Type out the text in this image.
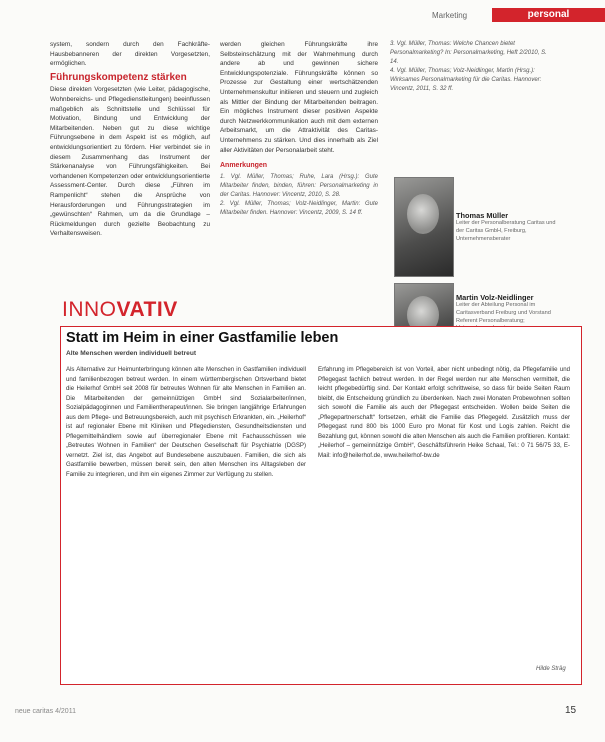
Marketing	personal

system, sondern durch den Fachkräfte-Hausbebanneren der direkten Vorgesetzten, ermöglichen.

Führungskompetenz stärken

Diese direkten Vorgesetzten (wie Leiter, pädagogische, Wohnbereichs- und Pflegedienstleitungen) beeinflussen maßgeblich als Schnittstelle und Schlüssel für Motivation, Bindung und Entwicklung der Mitarbeitenden. Neben gut zu diese wichtige Führungsebene in dem Aspekt ist es möglich, auf entwicklungsorientiert zu fördern. Hier verbindet sie in diesem Zusammenhang das Instrument der Stärkenanalyse von Führungsfähigkeiten. Bei vorhandenen Kompetenzen oder entwicklungsorientierte Assessment-Center. Durch diese „Führen im Rampenlicht“ stehen die Ansprüche von Herausforderungen und Führungsstrategien im „gewünschten“ Rahmen, um da die Grundlage – Rückmeldungen durch gezielte Beobachtung zu Verhaltensweisen.

werden gleichen Führungskräfte ihre Selbsteinschätzung mit der Wahrnehmung durch andere ab und gewinnen sichere Entwicklungspotenziale. Führungskräfte können so Prozesse zur Gestaltung einer wertschätzenden Unternehmenskultur initiieren und steuern und zugleich als Mittler der Bindung der Mitarbeitenden beitragen. Ein mögliches Instrument dieser positiven Aspekte durch Netzwerkkommunikation auch mit dem externen Arbeitsmarkt, um die Attraktivität des Caritas-Unternehmens zu stärken. Und dies innerhalb als Ziel aller Aktivitäten der Personalarbeit steht.

Anmerkungen

1. Vgl. Müller, Thomas; Ruhe, Lara (Hrsg.): Gute Mitarbeiter finden, binden, führen: Personalmarketing in der Caritas. Hannover: Vincentz, 2010, S. 28.

2. Vgl. Müller, Thomas; Volz-Neidlinger, Martin: Gute Mitarbeiter finden. Hannover: Vincentz, 2009, S. 14 ff.

3. Vgl. Müller, Thomas: Welche Chancen bietet Personalmarketing? In: Personalmarketing, Heft 2/2010, S. 14.

4. Vgl. Müller, Thomas; Volz-Neidlinger, Martin (Hrsg.): Wirksames Personalmarketing für die Caritas. Hannover: Vincentz, 2011, S. 32 ff.

Thomas Müller
Leiter der Personalberatung Caritas und der Caritas GmbH, Freiburg, Unternehmensberater
Martin Volz-Neidlinger
Leiter der Abteilung Personal im Caritasverband Freiburg und Vorstand Referent Personalberatung;
INNOVATIV
Statt im Heim in einer Gastfamilie leben
Alte Menschen werden individuell betreut

Als Alternative zur Heimunterbringung können alte Menschen in Gastfamilien individuell und familienbezogen betreut werden. In einem württembergischen Ortsverband bietet die Heilerhof GmbH seit 2008 für betreutes Wohnen für alte Menschen in Familien an. Die Mitarbeitenden der gemeinnützigen GmbH sind Sozialarbeiter/innen, Sozialpädagoginnen und Familientherapeut/innen. Sie bringen langjährige Erfahrungen aus dem Pflege- und Betreuungsbereich, auch mit psychisch Erkrankten, ein. „Heilerhof“ ist auf regionaler Ebene mit Kliniken und Pflegediensten, Gesundheitsdiensten und Pflegemittelhändlern sowie auf überregionaler Ebene mit Fachausschüssen wie „Betreutes Wohnen in Familien“ der Deutschen Gesellschaft für Psychiatrie (DGSP) vernetzt. Ziel ist, das Angebot auf Bundesebene auszubauen. Familien, die sich als Gastfamilie bewerben, müssen bereit sein, den alten Menschen ins Alltagsleben der Familie zu integrieren, und ihm ein eigenes Zimmer zur Verfügung zu stellen.

Erfahrung im Pflegebereich ist von Vorteil, aber nicht unbedingt nötig, da Pflegefamilie und Pflegegast fachlich betreut werden. In der Regel werden nur alte Menschen vermittelt, die leicht pflegebedürftig sind. Der Kontakt erfolgt schrittweise, so dass für beide Seiten Raum bleibt, die Entscheidung gründlich zu überdenken. Nach zwei Monaten Probewohnen sollten sich sowohl die Familie als auch der Pflegegast entscheiden. Wollen beide Seiten die „Pflegepartnerschaft“ fortsetzen, erhält die Familie das Pflegegeld. Zusätzlich muss der Pflegegast rund 800 bis 1000 Euro pro Monat für Kost und Logis zahlen. Reicht die Bezahlung gut, können sowohl die alten Menschen als auch die Familien profitieren. Kontakt: „Heilerhof – gemeinnützige GmbH“, Geschäftsführerin Heike Schaal, Tel.: 0 71 56/75 33, E-Mail: info@heilerhof.de, www.heilerhof-bw.de

Hilde Sträg
neue caritas 4/2011	15
